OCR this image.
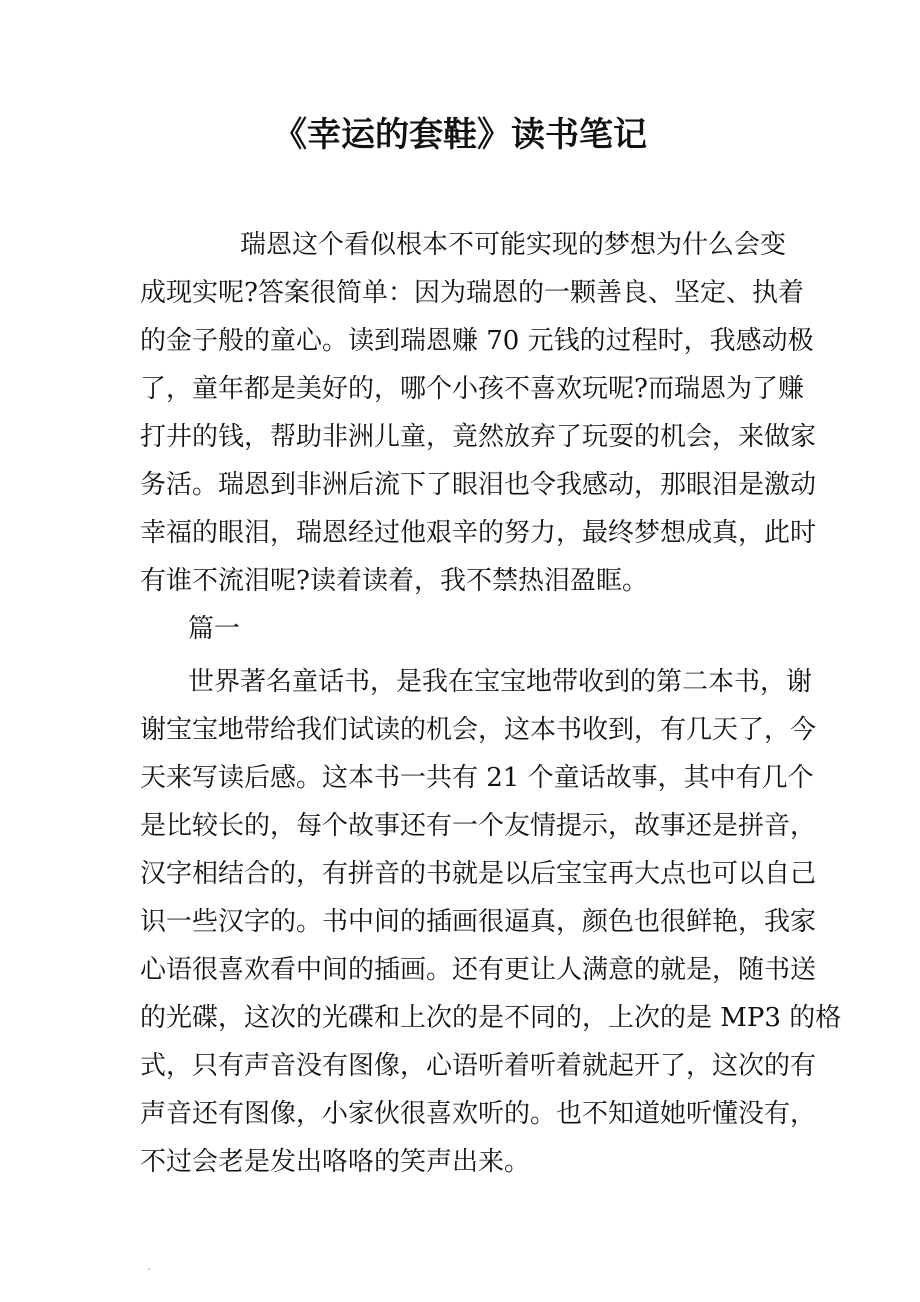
《幸运的套鞋》读书笔记
瑞恩这个看似根本不可能实现的梦想为什么会变
成现实呢?答案很简单：因为瑞恩的一颗善良、坚定、执着
的金子般的童心。读到瑞恩赚 70 元钱的过程时，我感动极
了，童年都是美好的，哪个小孩不喜欢玩呢?而瑞恩为了赚
打井的钱，帮助非洲儿童，竟然放弃了玩耍的机会，来做家
务活。瑞恩到非洲后流下了眼泪也令我感动，那眼泪是激动
幸福的眼泪，瑞恩经过他艰辛的努力，最终梦想成真，此时
有谁不流泪呢?读着读着，我不禁热泪盈眶。
篇一
世界著名童话书，是我在宝宝地带收到的第二本书，谢
谢宝宝地带给我们试读的机会，这本书收到，有几天了，今
天来写读后感。这本书一共有 21 个童话故事，其中有几个
是比较长的，每个故事还有一个友情提示，故事还是拼音，
汉字相结合的，有拼音的书就是以后宝宝再大点也可以自己
识一些汉字的。书中间的插画很逼真，颜色也很鲜艳，我家
心语很喜欢看中间的插画。还有更让人满意的就是，随书送
的光碟，这次的光碟和上次的是不同的，上次的是 MP3 的格
式，只有声音没有图像，心语听着听着就起开了，这次的有
声音还有图像，小家伙很喜欢听的。也不知道她听懂没有，
不过会老是发出咯咯的笑声出来。
